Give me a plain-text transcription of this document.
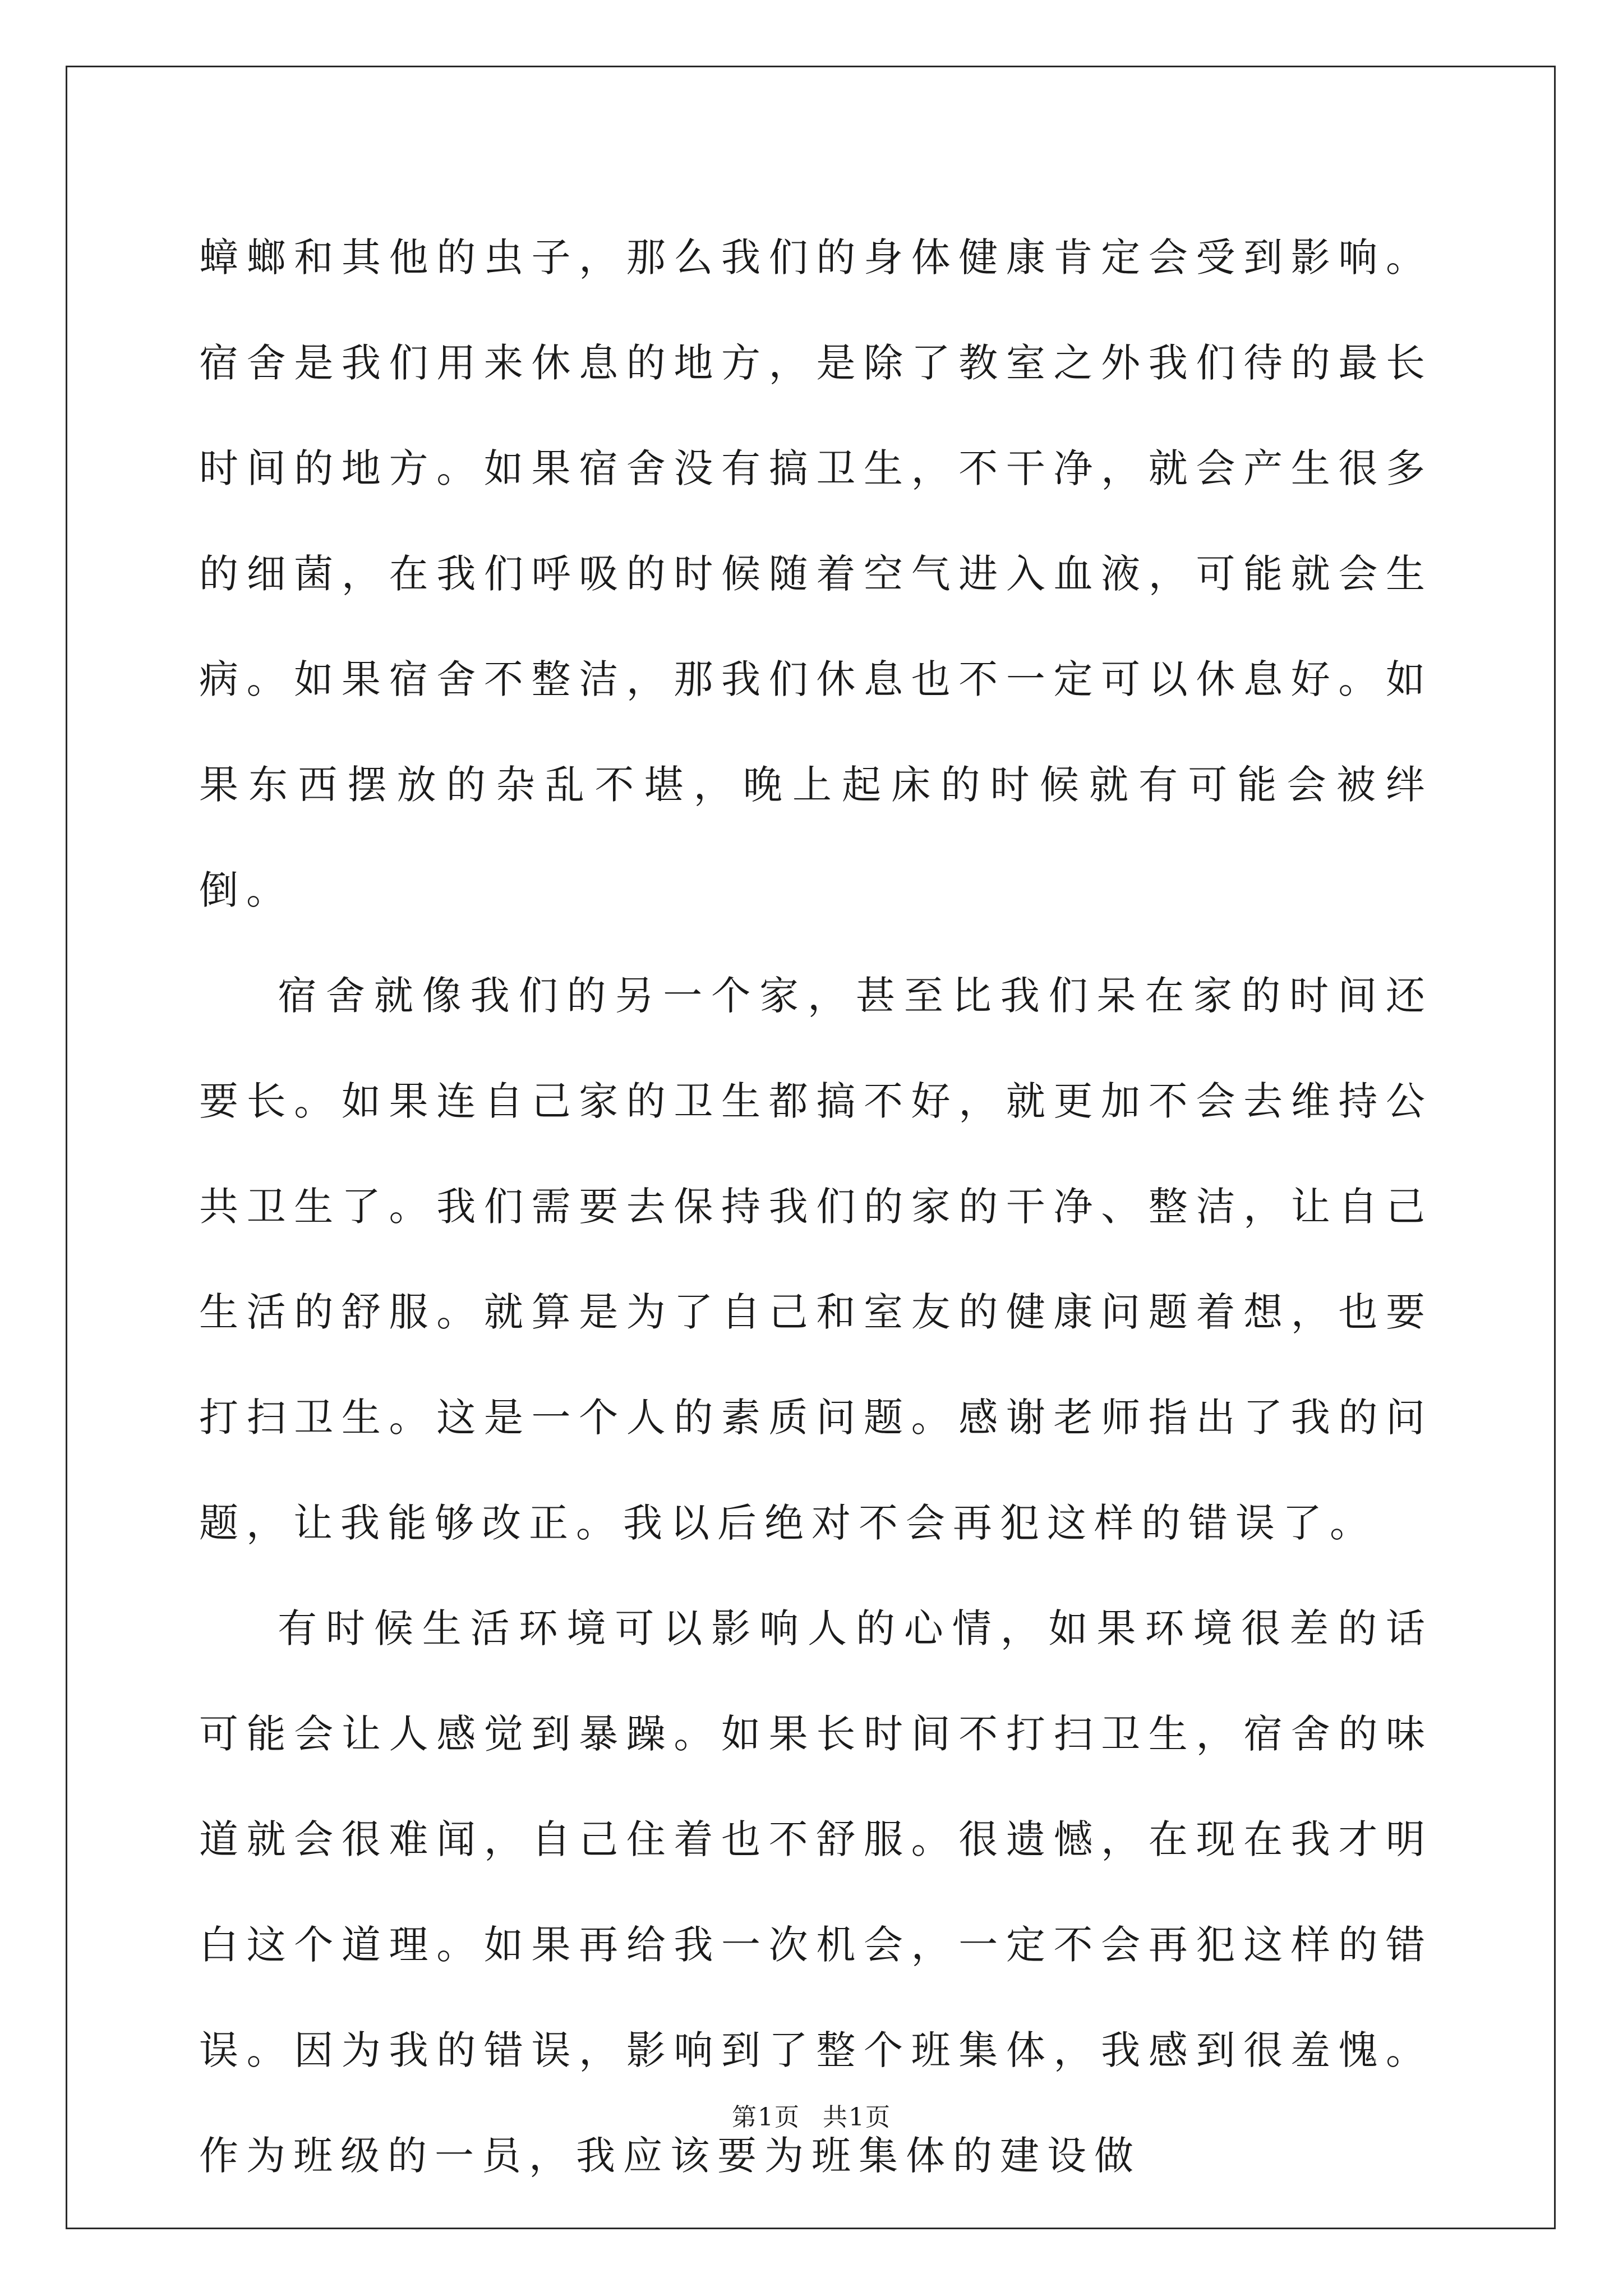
蟑螂和其他的虫子，那么我们的身体健康肯定会受到影响。宿舍是我们用来休息的地方，是除了教室之外我们待的最长时间的地方。如果宿舍没有搞卫生，不干净，就会产生很多的细菌，在我们呼吸的时候随着空气进入血液，可能就会生病。如果宿舍不整洁，那我们休息也不一定可以休息好。如果东西摆放的杂乱不堪，晚上起床的时候就有可能会被绊倒。

宿舍就像我们的另一个家，甚至比我们呆在家的时间还要长。如果连自己家的卫生都搞不好，就更加不会去维持公共卫生了。我们需要去保持我们的家的干净、整洁，让自己生活的舒服。就算是为了自己和室友的健康问题着想，也要打扫卫生。这是一个人的素质问题。感谢老师指出了我的问题，让我能够改正。我以后绝对不会再犯这样的错误了。

有时候生活环境可以影响人的心情，如果环境很差的话可能会让人感觉到暴躁。如果长时间不打扫卫生，宿舍的味道就会很难闻，自己住着也不舒服。很遗憾，在现在我才明白这个道理。如果再给我一次机会，一定不会再犯这样的错误。因为我的错误，影响到了整个班集体，我感到很羞愧。作为班级的一员，我应该要为班集体的建设做

第1页 共1页
